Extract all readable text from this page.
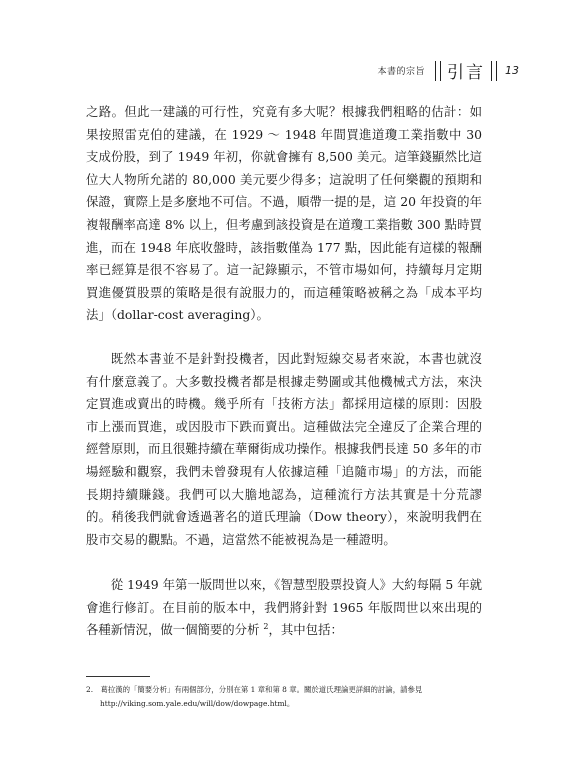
本書的宗旨 引言 13

之路。但此一建議的可行性，究竟有多大呢？根據我們粗略的估計：如果按照雷克伯的建議，在 1929 ～ 1948 年間買進道瓊工業指數中 30 支成份股，到了 1949 年初，你就會擁有 8,500 美元。這筆錢顯然比這位大人物所允諾的 80,000 美元要少得多；這說明了任何樂觀的預期和保證，實際上是多麼地不可信。不過，順帶一提的是，這 20 年投資的年複報酬率高達 8% 以上，但考慮到該投資是在道瓊工業指數 300 點時買進，而在 1948 年底收盤時，該指數僅為 177 點，因此能有這樣的報酬率已經算是很不容易了。這一記錄顯示，不管市場如何，持續每月定期買進優質股票的策略是很有說服力的，而這種策略被稱之為「成本平均法」（dollar-cost averaging）。

既然本書並不是針對投機者，因此對短線交易者來說，本書也就沒有什麼意義了。大多數投機者都是根據走勢圖或其他機械式方法，來決定買進或賣出的時機。幾乎所有「技術方法」都採用這樣的原則：因股市上漲而買進，或因股市下跌而賣出。這種做法完全違反了企業合理的經營原則，而且很難持續在華爾街成功操作。根據我們長達 50 多年的市場經驗和觀察，我們未曾發現有人依據這種「追隨市場」的方法，而能長期持續賺錢。我們可以大膽地認為，這種流行方法其實是十分荒謬的。稍後我們就會透過著名的道氏理論（Dow theory），來說明我們在股市交易的觀點。不過，這當然不能被視為是一種證明。

從 1949 年第一版問世以來，《智慧型股票投資人》大約每隔 5 年就會進行修訂。在目前的版本中，我們將針對 1965 年版問世以來出現的各種新情況，做一個簡要的分析 $^2$，其中包括：

2.　葛拉漢的「簡要分析」有兩個部分，分別在第 1 章和第 8 章。關於道氏理論更詳細的討論，請參見
http://viking.som.yale.edu/will/dow/dowpage.html。
